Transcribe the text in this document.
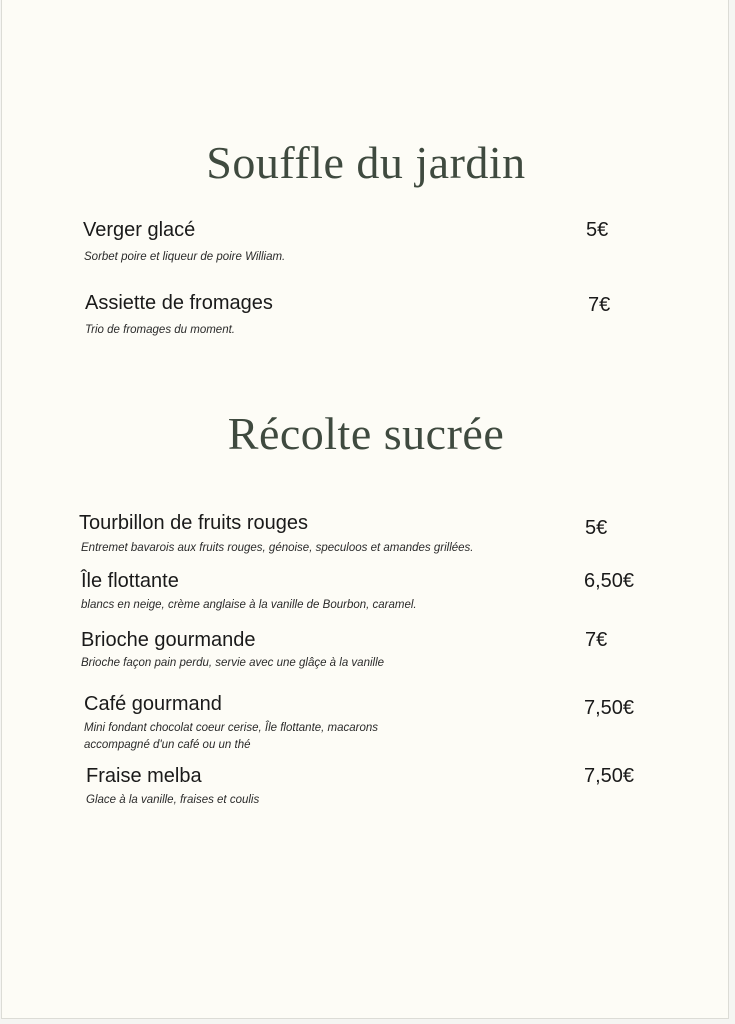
Souffle du jardin
Verger glacé
Sorbet poire et liqueur de poire William.
5€
Assiette de fromages
Trio de fromages du moment.
7€
Récolte sucrée
Tourbillon de fruits rouges
Entremet bavarois aux fruits rouges, génoise, speculoos et amandes grillées.
5€
Île flottante
blancs en neige, crème anglaise à la vanille de Bourbon, caramel.
6,50€
Brioche gourmande
Brioche façon pain perdu, servie avec une glâçe à la vanille
7€
Café gourmand
Mini fondant chocolat coeur cerise, Île flottante, macarons
accompagné d'un café ou un thé
7,50€
Fraise melba
Glace à la vanille, fraises et coulis
7,50€
